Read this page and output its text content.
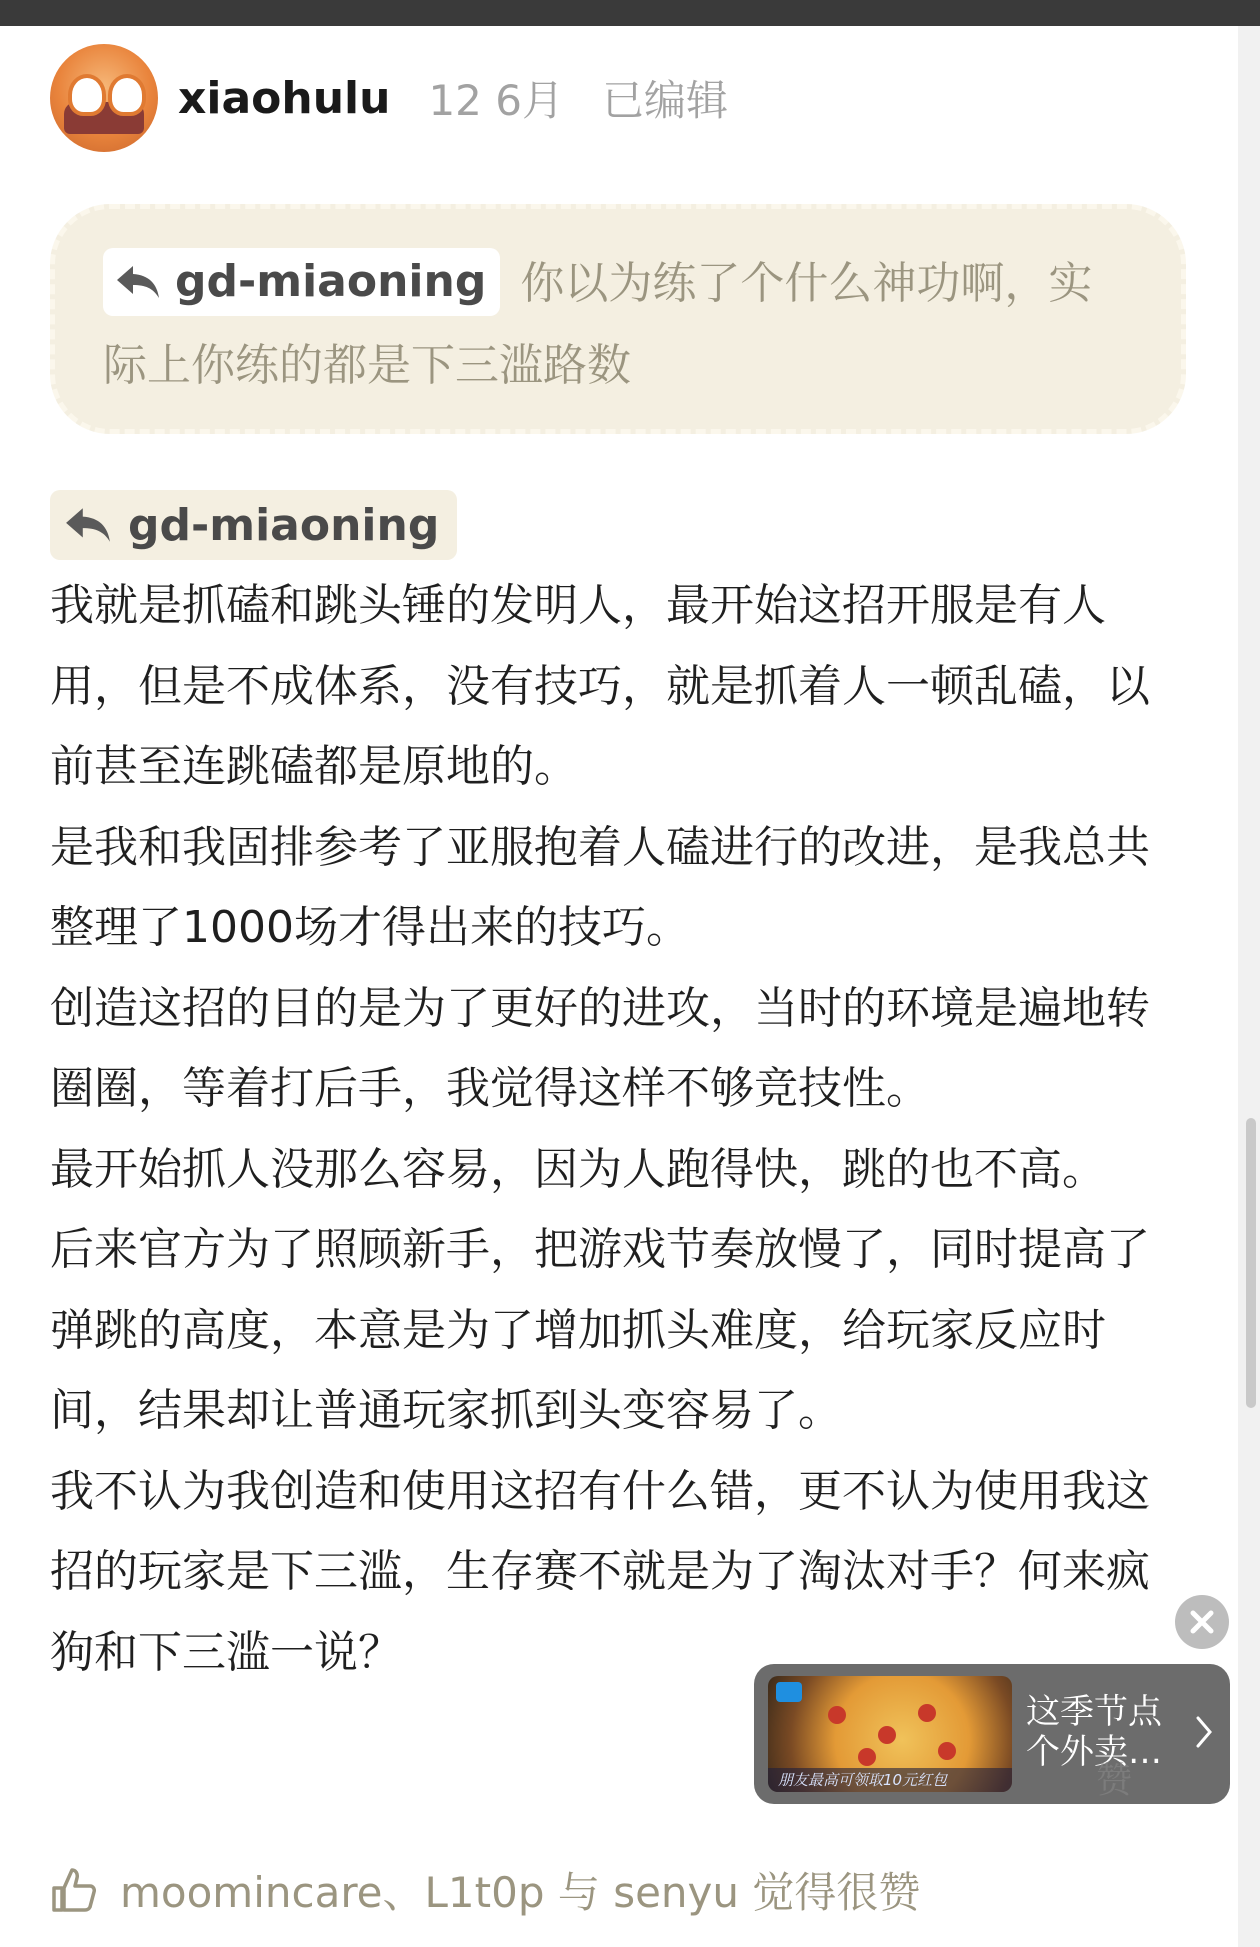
xiaohulu 12 6月 已编辑
gd-miaoning 你以为练了个什么神功啊，实际上你练的都是下三滥路数
gd-miaoning

我就是抓磕和跳头锤的发明人，最开始这招开服是有人用，但是不成体系，没有技巧，就是抓着人一顿乱磕，以前甚至连跳磕都是原地的。

是我和我固排参考了亚服抱着人磕进行的改进，是我总共整理了1000场才得出来的技巧。

创造这招的目的是为了更好的进攻，当时的环境是遍地转圈圈，等着打后手，我觉得这样不够竞技性。

最开始抓人没那么容易，因为人跑得快，跳的也不高。

后来官方为了照顾新手，把游戏节奏放慢了，同时提高了弹跳的高度，本意是为了增加抓头难度，给玩家反应时间，结果却让普通玩家抓到头变容易了。

我不认为我创造和使用这招有什么错，更不认为使用我这招的玩家是下三滥，生存赛不就是为了淘汰对手？何来疯狗和下三滥一说？

朋友最高可领取10元红包
这季节点个外卖…
赞
moomincare、L1t0p 与 senyu 觉得很赞
